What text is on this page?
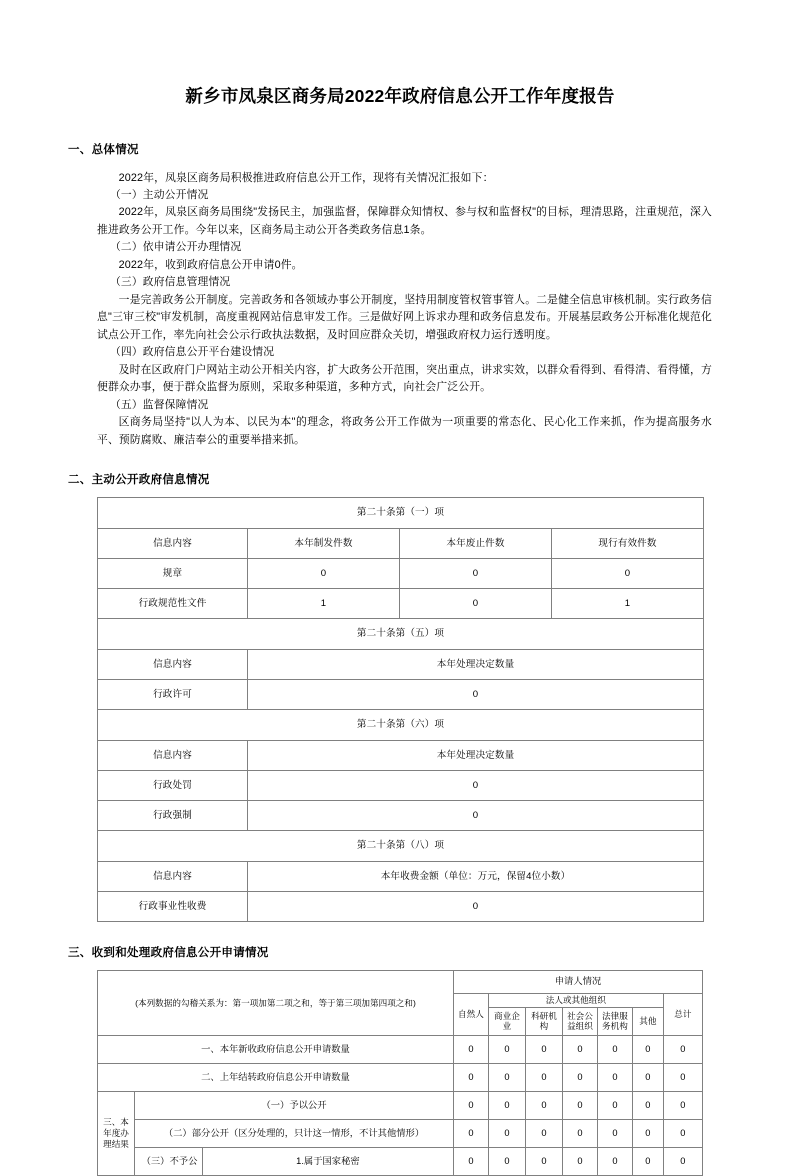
新乡市凤泉区商务局2022年政府信息公开工作年度报告
一、总体情况

2022年，凤泉区商务局积极推进政府信息公开工作，现将有关情况汇报如下：

（一）主动公开情况

2022年，凤泉区商务局围绕"发扬民主，加强监督，保障群众知情权、参与权和监督权"的目标，理清思路，注重规范，深入推进政务公开工作。今年以来，区商务局主动公开各类政务信息1条。

（二）依申请公开办理情况

2022年，收到政府信息公开申请0件。

（三）政府信息管理情况

一是完善政务公开制度。完善政务和各领域办事公开制度，坚持用制度管权管事管人。二是健全信息审核机制。实行政务信息"三审三校"审发机制，高度重视网站信息审发工作。三是做好网上诉求办理和政务信息发布。开展基层政务公开标准化规范化试点公开工作，率先向社会公示行政执法数据，及时回应群众关切，增强政府权力运行透明度。

（四）政府信息公开平台建设情况

及时在区政府门户网站主动公开相关内容，扩大政务公开范围，突出重点，讲求实效，以群众看得到、看得清、看得懂，方便群众办事，便于群众监督为原则，采取多种渠道，多种方式，向社会广泛公开。

（五）监督保障情况

区商务局坚持"以人为本、以民为本"的理念，将政务公开工作做为一项重要的常态化、民心化工作来抓，作为提高服务水平、预防腐败、廉洁奉公的重要举措来抓。

二、主动公开政府信息情况
第二十条第（一）项			
信息内容	本年制发件数	本年废止件数	现行有效件数
规章	0	0	0
行政规范性文件	1	0	1
第二十条第（五）项			
信息内容	本年处理决定数量		
行政许可	0		
第二十条第（六）项			
信息内容	本年处理决定数量		
行政处罚	0		
行政强制	0		
第二十条第（八）项			
信息内容	本年收费金额（单位：万元，保留4位小数）		
行政事业性收费	0		
三、收到和处理政府信息公开申请情况
(本列数据的勾稽关系为：第一项加第二项之和，等于第三项加第四项之和)			申请人情况						
			自然人	法人或其他组织					总计
				商业企业	科研机构	社会公益组织	法律服务机构	其他	
一、本年新收政府信息公开申请数量			0	0	0	0	0	0	0
二、上年结转政府信息公开申请数量			0	0	0	0	0	0	0
三、本年度办理结果	（一）予以公开		0	0	0	0	0	0	0
	（二）部分公开（区分处理的，只计这一情形，不计其他情形）		0	0	0	0	0	0	0
	（三）不予公	1.属于国家秘密	0	0	0	0	0	0	0
